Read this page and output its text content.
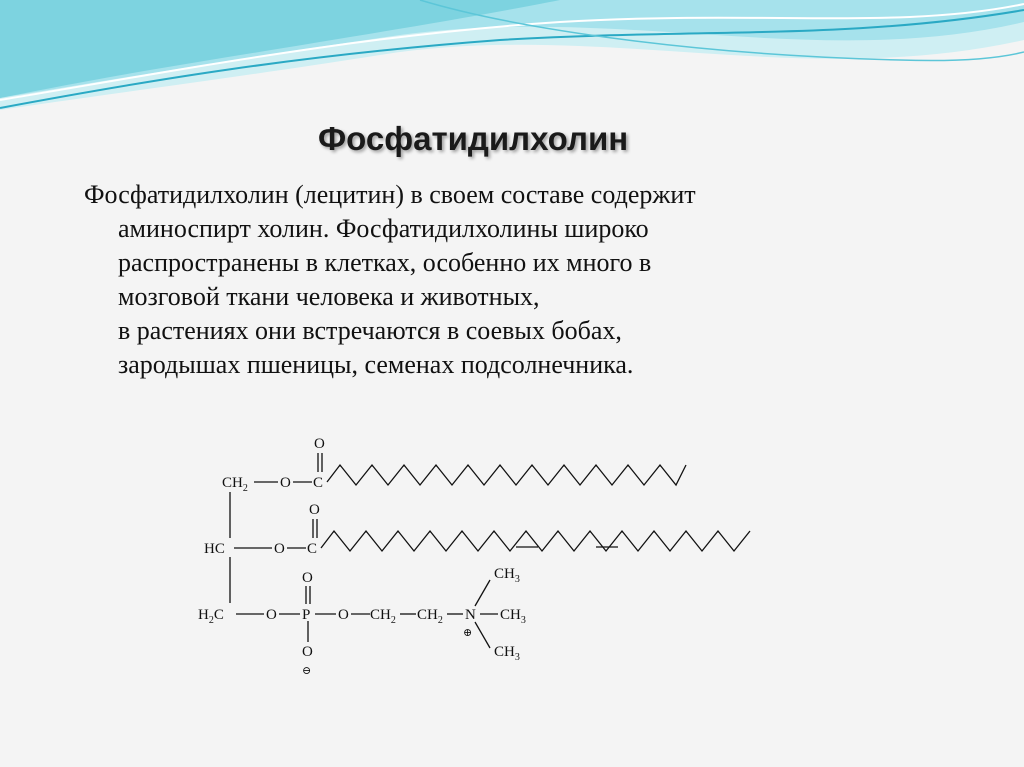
Фосфатидилхолин
Фосфатидилхолин (лецитин) в своем составе содержит
аминоспирт холин. Фосфатидилхолины широко
распространены в клетках, особенно их много в
мозговой ткани человека и животных,
в растениях они встречаются в соевых бобах,
зародышах пшеницы, семенах подсолнечника.
$CH_2$ O C
O
HC	O C
O
$H_2C$	O P
O
O
⊖
O $CH_2$ $CH_2$ N
⊕
$CH_3$
$CH_3$
$CH_3$
